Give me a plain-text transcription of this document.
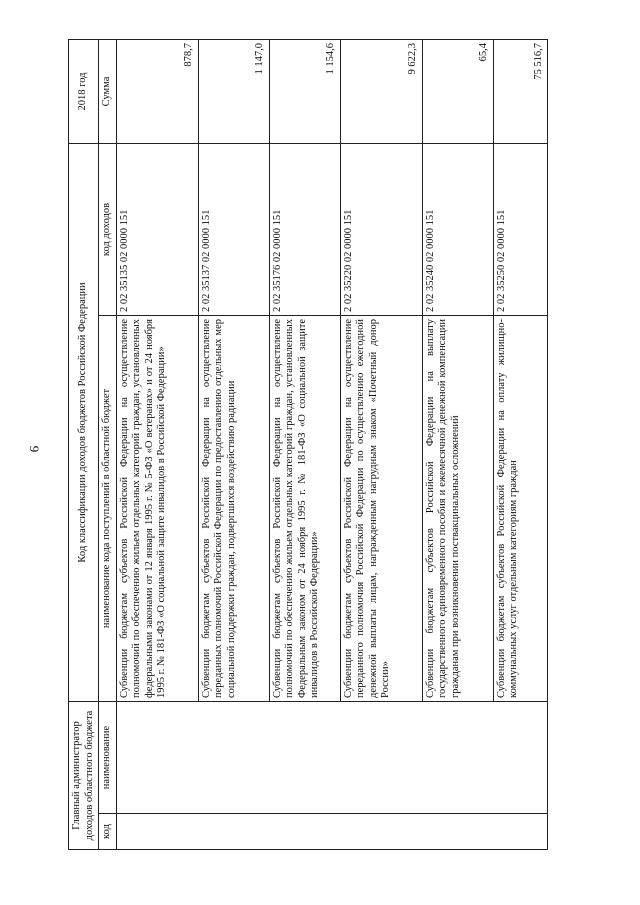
9
Главный администратор доходов областного бюджета		Код классификации доходов бюджетов Российской Федерации		2018 год
код	наименование	наименование кода поступлений в областной бюджет	код доходов	Сумма
		Субвенции бюджетам субъектов Российской Федерации на осуществление полномочий по обеспечению жильем отдельных категорий граждан, установленных федеральными законами от 12 января 1995 г. № 5-ФЗ «О ветеранах» и от 24 ноября 1995 г. № 181-ФЗ «О социальной защите инвалидов в Российской Федерации»	2 02 35135 02 0000 151	878,7
		Субвенции бюджетам субъектов Российской Федерации на осуществление переданных полномочий Российской Федерации по предоставлению отдельных мер социальной поддержки граждан, подвергшихся воздействию радиации	2 02 35137 02 0000 151	1 147,0
		Субвенции бюджетам субъектов Российской Федерации на осуществление полномочий по обеспечению жильем отдельных категорий граждан, установленных Федеральным законом от 24 ноября 1995 г. № 181-ФЗ «О социальной защите инвалидов в Российской Федерации»	2 02 35176 02 0000 151	1 154,6
		Субвенции бюджетам субъектов Российской Федерации на осуществление переданного полномочия Российской Федерации по осуществлению ежегодной денежной выплаты лицам, награжденным нагрудным знаком «Почетный донор России»	2 02 35220 02 0000 151	9 622,3
		Субвенции бюджетам субъектов Российской Федерации на выплату государственного единовременного пособия и ежемесячной денежной компенсации гражданам при возникновении поствакцинальных осложнений	2 02 35240 02 0000 151	65,4
		Субвенции бюджетам субъектов Российской Федерации на оплату жилищно-коммунальных услуг отдельным категориям граждан	2 02 35250 02 0000 151	75 516,7
